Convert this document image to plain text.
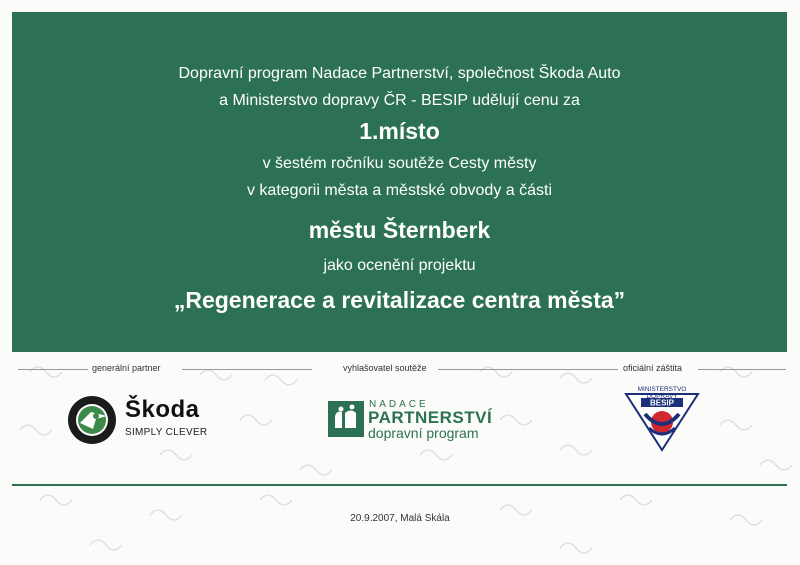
Dopravní program Nadace Partnerství, společnost Škoda Auto
a Ministerstvo dopravy ČR - BESIP udělují cenu za
1.místo
v šestém ročníku soutěže Cesty městy
v kategorii města a městské obvody a části
městu Šternberk
jako ocenění projektu
„Regenerace a revitalizace centra města”
generální partner	vyhlašovatel soutěže	oficiální záštita
Škoda
SIMPLY CLEVER
NADACE
PARTNERSTVÍ
dopravní program
BESIP
MINISTERSTVO DOPRAVY
20.9.2007, Malá Skála
